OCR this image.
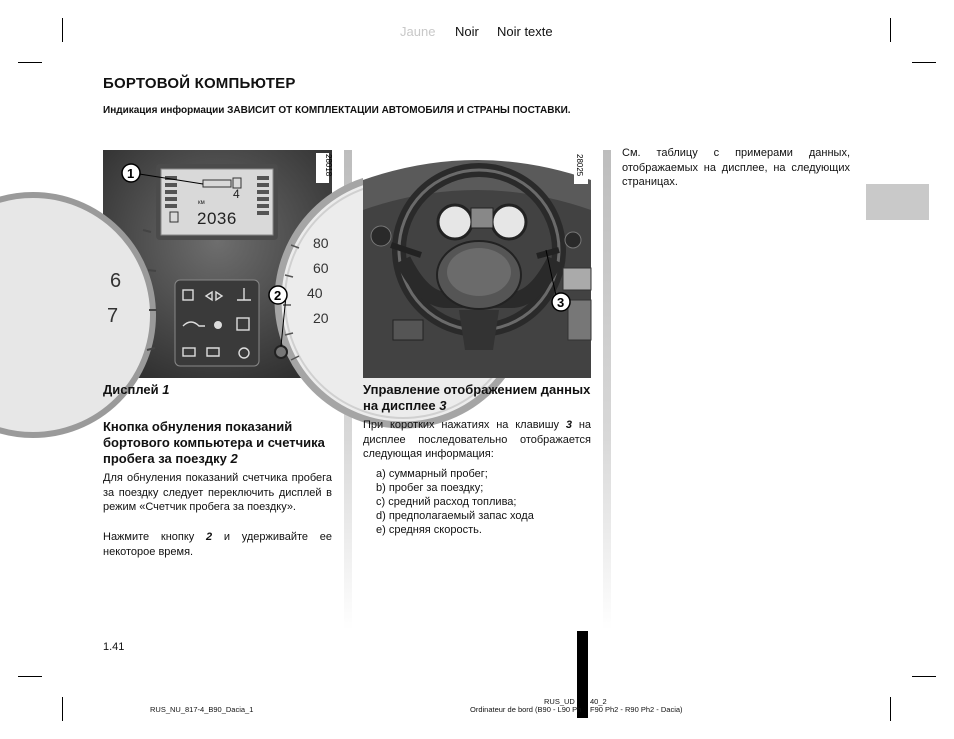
Jaune Noir Noir texte
БОРТОВОЙ КОМПЬЮТЕР
Индикация информации ЗАВИСИТ ОТ КОМПЛЕКТАЦИИ АВТОМОБИЛЯ И СТРАНЫ ПОСТАВКИ.
6
7
80
60
40
20
4
км
2036
1
2
28018
3
28025
Дисплей 1
Кнопка обнуления показаний бортового компьютера и счетчика пробега за поездку 2
Для обнуления показаний счетчика пробега за поездку следует переключить дисплей в режим «Счетчик пробега за поездку».
Нажмите кнопку 2 и удерживайте ее некоторое время.
Управление отображением данных на дисплее 3
При коротких нажатиях на клавишу 3 на дисплее последовательно отображается следующая информация:
a) суммарный пробег;
b) пробег за поездку;
c) средний расход топлива;
d) предполагаемый запас хода
e) средняя скорость.
См. таблицу с примерами данных, отображаемых на дисплее, на следующих страницах.
1.41
RUS_NU_817-4_B90_Dacia_1
RUS_UD 40_2
Ordinateur de bord (B90 - L90 Ph F90 Ph2 - R90 Ph2 - Dacia)
